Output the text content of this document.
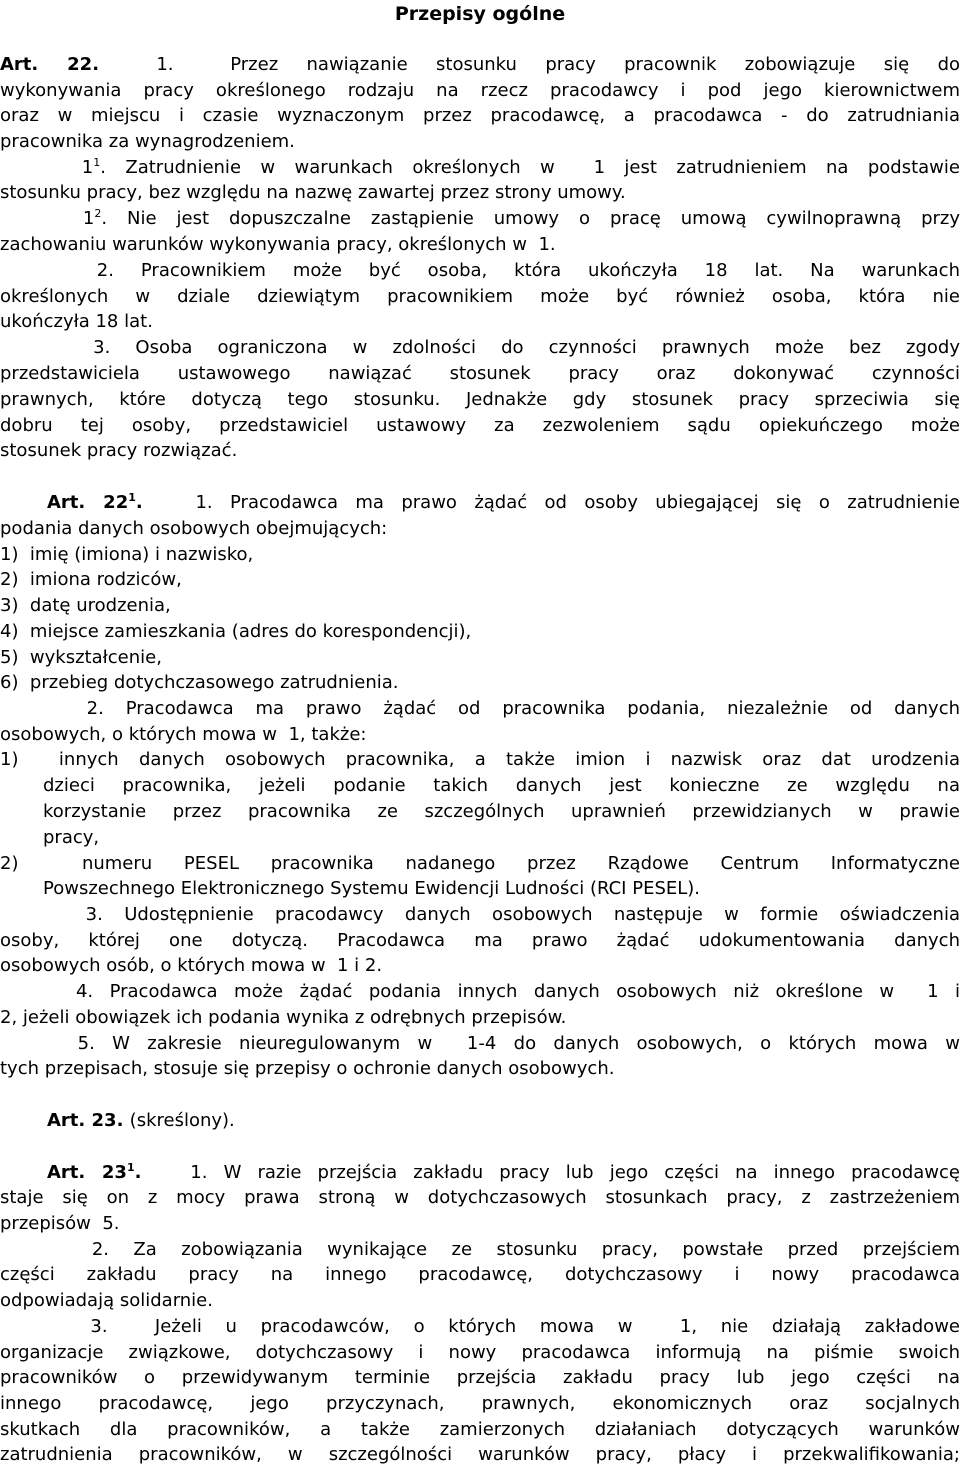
Przepisy ogólne
Art. 22.  1.  Przez nawiązanie stosunku pracy pracownik zobowiązuje się do
wykonywania pracy określonego rodzaju na rzecz pracodawcy i pod jego kierownictwem
oraz w miejscu i czasie wyznaczonym przez pracodawcę, a pracodawca - do zatrudniania
pracownika za wynagrodzeniem.
$1^1$. Zatrudnienie w warunkach określonych w  1 jest zatrudnieniem na podstawie
stosunku pracy, bez względu na nazwę zawartej przez strony umowy.
$1^2$. Nie jest dopuszczalne zastąpienie umowy o pracę umową cywilnoprawną przy
zachowaniu warunków wykonywania pracy, określonych w  1.
2. Pracownikiem może być osoba, która ukończyła 18 lat. Na warunkach
określonych w dziale dziewiątym pracownikiem może być również osoba, która nie
ukończyła 18 lat.
3. Osoba ograniczona w zdolności do czynności prawnych może bez zgody
przedstawiciela ustawowego nawiązać stosunek pracy oraz dokonywać czynności
prawnych, które dotyczą tego stosunku. Jednakże gdy stosunek pracy sprzeciwia się
dobru tej osoby, przedstawiciel ustawowy za zezwoleniem sądu opiekuńczego może
stosunek pracy rozwiązać.
Art. $22^1$.   1. Pracodawca ma prawo żądać od osoby ubiegającej się o zatrudnienie
podania danych osobowych obejmujących:
1)  imię (imiona) i nazwisko,
2)  imiona rodziców,
3)  datę urodzenia,
4)  miejsce zamieszkania (adres do korespondencji),
5)  wykształcenie,
6)  przebieg dotychczasowego zatrudnienia.
2. Pracodawca ma prawo żądać od pracownika podania, niezależnie od danych
osobowych, o których mowa w  1, także:
1)  innych danych osobowych pracownika, a także imion i nazwisk oraz dat urodzenia
dzieci pracownika, jeżeli podanie takich danych jest konieczne ze względu na
korzystanie przez pracownika ze szczególnych uprawnień przewidzianych w prawie
pracy,
2)  numeru PESEL pracownika nadanego przez Rządowe Centrum Informatyczne
Powszechnego Elektronicznego Systemu Ewidencji Ludności (RCI PESEL).
3. Udostępnienie pracodawcy danych osobowych następuje w formie oświadczenia
osoby, której one dotyczą. Pracodawca ma prawo żądać udokumentowania danych
osobowych osób, o których mowa w  1 i 2.
4. Pracodawca może żądać podania innych danych osobowych niż określone w  1 i
2, jeżeli obowiązek ich podania wynika z odrębnych przepisów.
5. W zakresie nieuregulowanym w  1-4 do danych osobowych, o których mowa w
tych przepisach, stosuje się przepisy o ochronie danych osobowych.
Art. 23. (skreślony).
Art. $23^1$.   1. W razie przejścia zakładu pracy lub jego części na innego pracodawcę
staje się on z mocy prawa stroną w dotychczasowych stosunkach pracy, z zastrzeżeniem
przepisów  5.
2. Za zobowiązania wynikające ze stosunku pracy, powstałe przed przejściem
części zakładu pracy na innego pracodawcę, dotychczasowy i nowy pracodawca
odpowiadają solidarnie.
3.  Jeżeli u pracodawców, o których mowa w  1, nie działają zakładowe
organizacje związkowe, dotychczasowy i nowy pracodawca informują na piśmie swoich
pracowników o przewidywanym terminie przejścia zakładu pracy lub jego części na
innego pracodawcę, jego przyczynach, prawnych, ekonomicznych oraz socjalnych
skutkach dla pracowników, a także zamierzonych działaniach dotyczących warunków
zatrudnienia pracowników, w szczególności warunków pracy, płacy i przekwalifikowania;
